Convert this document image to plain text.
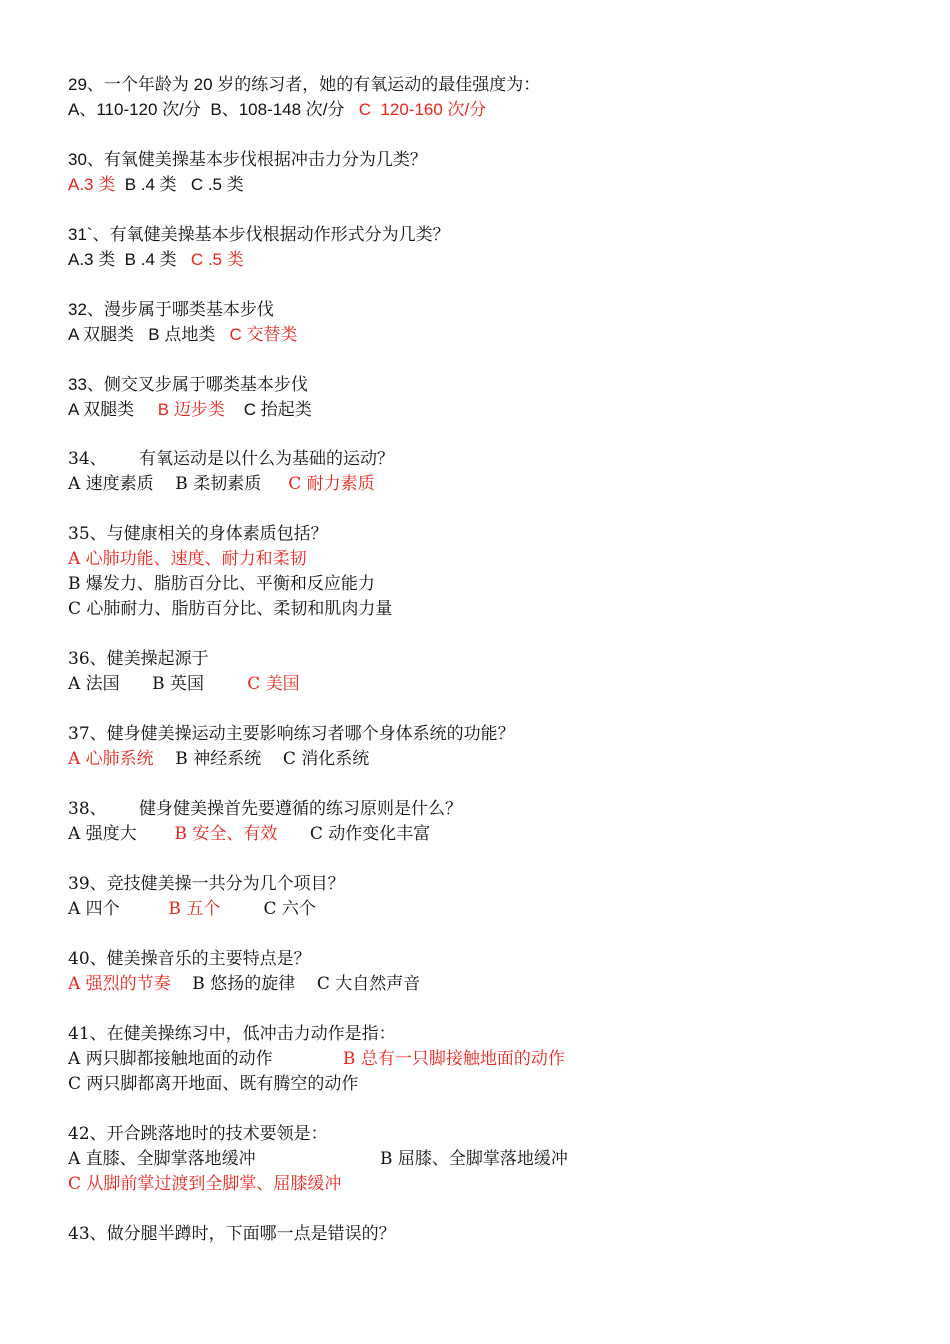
29、一个年龄为 20 岁的练习者，她的有氧运动的最佳强度为：
A、110-120 次/分  B、108-148 次/分   C  120-160 次/分
30、有氧健美操基本步伐根据冲击力分为几类？
A.3 类  B .4 类   C .5 类
31`、有氧健美操基本步伐根据动作形式分为几类？
A.3 类  B .4 类   C .5 类
32、漫步属于哪类基本步伐
A 双腿类   B 点地类   C 交替类
33、侧交叉步属于哪类基本步伐
A 双腿类     B 迈步类    C 抬起类
34、      有氧运动是以什么为基础的运动？
A 速度素质    B 柔韧素质     C 耐力素质
35、与健康相关的身体素质包括？
A 心肺功能、速度、耐力和柔韧
B 爆发力、脂肪百分比、平衡和反应能力
C 心肺耐力、脂肪百分比、柔韧和肌肉力量
36、健美操起源于
A 法国      B 英国        C 美国
37、健身健美操运动主要影响练习者哪个身体系统的功能？
A 心肺系统    B 神经系统    C 消化系统
38、      健身健美操首先要遵循的练习原则是什么？
A 强度大       B 安全、有效      C 动作变化丰富
39、竞技健美操一共分为几个项目？
A 四个         B 五个        C 六个
40、健美操音乐的主要特点是？
A 强烈的节奏    B 悠扬的旋律    C 大自然声音
41、在健美操练习中，低冲击力动作是指：
A 两只脚都接触地面的动作             B 总有一只脚接触地面的动作
C 两只脚都离开地面、既有腾空的动作
42、开合跳落地时的技术要领是：
A 直膝、全脚掌落地缓冲                       B 屈膝、全脚掌落地缓冲
C 从脚前掌过渡到全脚掌、屈膝缓冲
43、做分腿半蹲时，下面哪一点是错误的？
